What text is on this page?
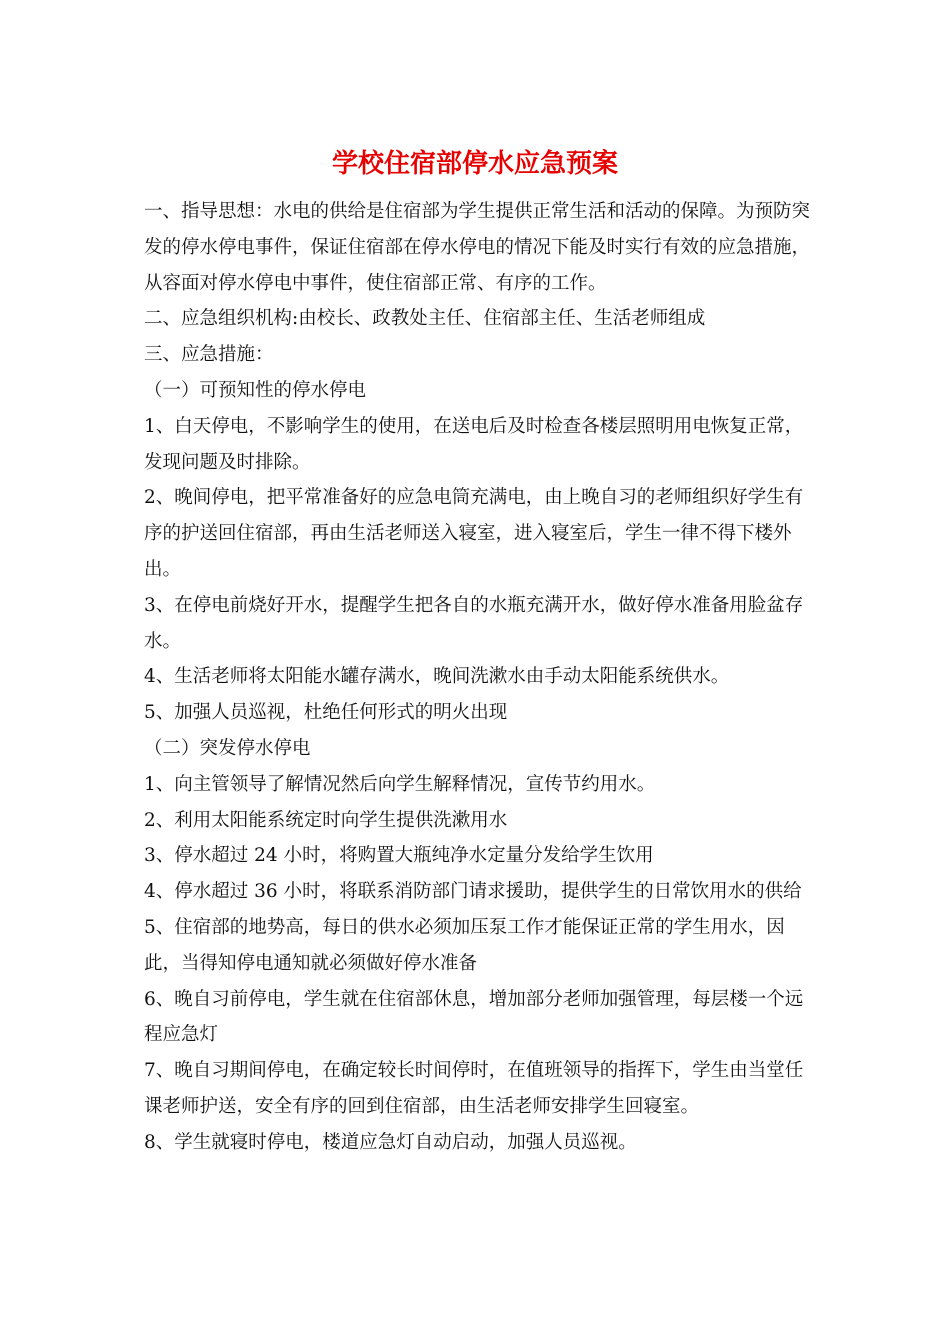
学校住宿部停水应急预案

一、指导思想：水电的供给是住宿部为学生提供正常生活和活动的保障。为预防突发的停水停电事件，保证住宿部在停水停电的情况下能及时实行有效的应急措施，从容面对停水停电中事件，使住宿部正常、有序的工作。

二、应急组织机构:由校长、政教处主任、住宿部主任、生活老师组成

三、应急措施：

（一）可预知性的停水停电

1、白天停电，不影响学生的使用，在送电后及时检查各楼层照明用电恢复正常，发现问题及时排除。

2、晚间停电，把平常准备好的应急电筒充满电，由上晚自习的老师组织好学生有序的护送回住宿部，再由生活老师送入寝室，进入寝室后，学生一律不得下楼外出。

3、在停电前烧好开水，提醒学生把各自的水瓶充满开水，做好停水准备用脸盆存水。

4、生活老师将太阳能水罐存满水，晚间洗漱水由手动太阳能系统供水。

5、加强人员巡视，杜绝任何形式的明火出现

（二）突发停水停电

1、向主管领导了解情况然后向学生解释情况，宣传节约用水。

2、利用太阳能系统定时向学生提供洗漱用水

3、停水超过 24 小时，将购置大瓶纯净水定量分发给学生饮用

4、停水超过 36 小时，将联系消防部门请求援助，提供学生的日常饮用水的供给

5、住宿部的地势高，每日的供水必须加压泵工作才能保证正常的学生用水，因此，当得知停电通知就必须做好停水准备

6、晚自习前停电，学生就在住宿部休息，增加部分老师加强管理，每层楼一个远程应急灯

7、晚自习期间停电，在确定较长时间停时，在值班领导的指挥下，学生由当堂任课老师护送，安全有序的回到住宿部，由生活老师安排学生回寝室。

8、学生就寝时停电，楼道应急灯自动启动，加强人员巡视。
